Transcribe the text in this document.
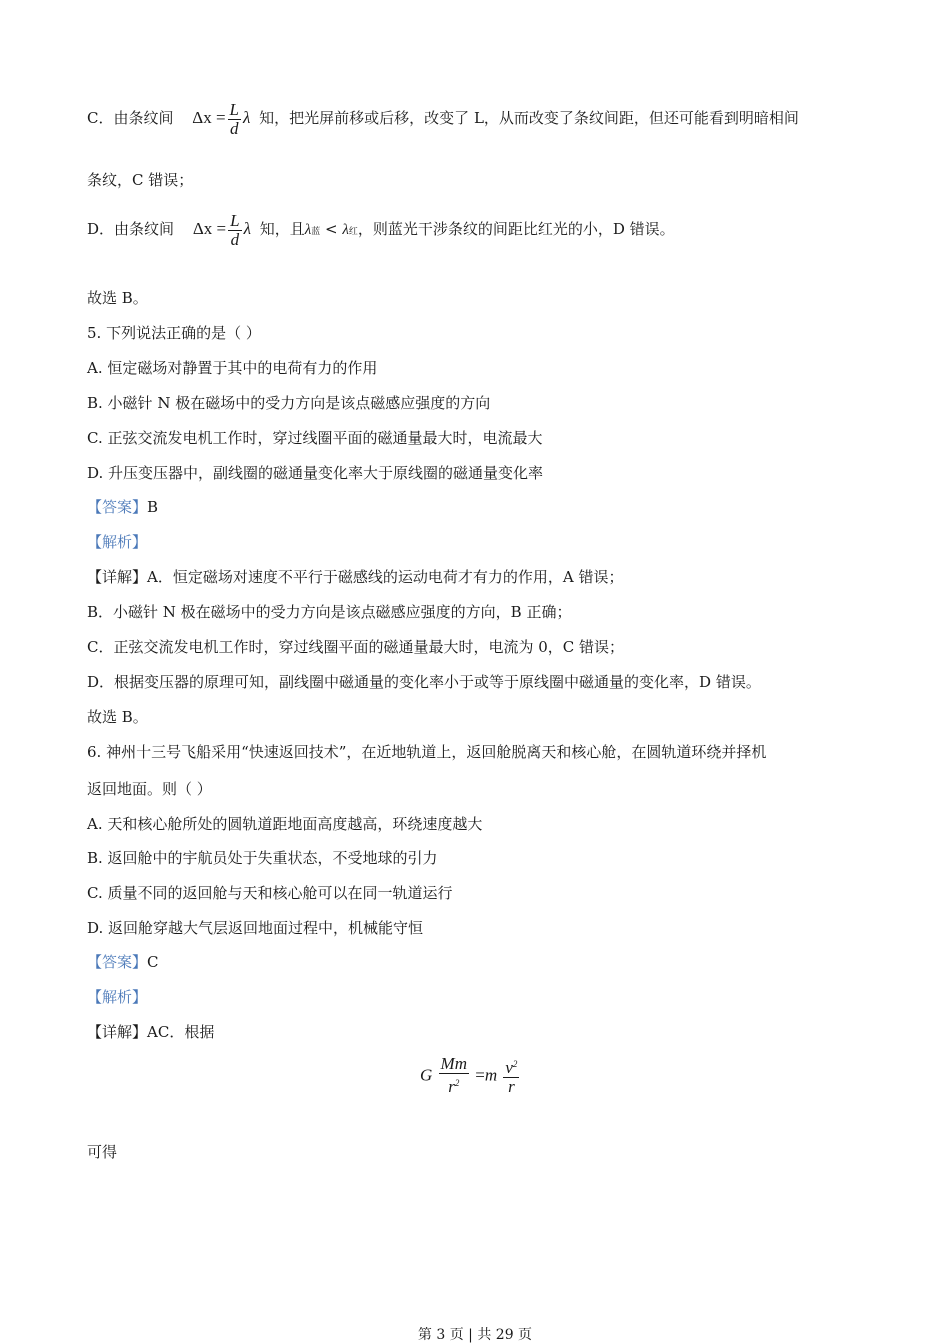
C．由条纹间 $\Delta x = \frac{L}{d}$ λ 知，把光屏前移或后移，改变了 L，从而改变了条纹间距，但还可能看到明暗相间
条纹，C 错误；
D．由条纹间 $\Delta x = \frac{L}{d}$ λ 知，且λ蓝 < λ红，则蓝光干涉条纹的间距比红光的小，D 错误。
故选 B。
5. 下列说法正确的是（ ）
A. 恒定磁场对静置于其中的电荷有力的作用
B. 小磁针 N 极在磁场中的受力方向是该点磁感应强度的方向
C. 正弦交流发电机工作时，穿过线圈平面的磁通量最大时，电流最大
D. 升压变压器中，副线圈的磁通量变化率大于原线圈的磁通量变化率
【答案】B
【解析】
【详解】A．恒定磁场对速度不平行于磁感线的运动电荷才有力的作用，A 错误；
B．小磁针 N 极在磁场中的受力方向是该点磁感应强度的方向，B 正确；
C．正弦交流发电机工作时，穿过线圈平面的磁通量最大时，电流为 0，C 错误；
D．根据变压器的原理可知，副线圈中磁通量的变化率小于或等于原线圈中磁通量的变化率，D 错误。
故选 B。
6. 神州十三号飞船采用“快速返回技术”，在近地轨道上，返回舱脱离天和核心舱，在圆轨道环绕并择机
返回地面。则（ ）
A. 天和核心舱所处的圆轨道距地面高度越高，环绕速度越大
B. 返回舱中的宇航员处于失重状态，不受地球的引力
C. 质量不同的返回舱与天和核心舱可以在同一轨道运行
D. 返回舱穿越大气层返回地面过程中，机械能守恒
【答案】C
【解析】
【详解】AC．根据
G $\frac{Mm}{r^2} =m \frac{v^2}{r}$
可得
第 3 页 | 共 29 页
